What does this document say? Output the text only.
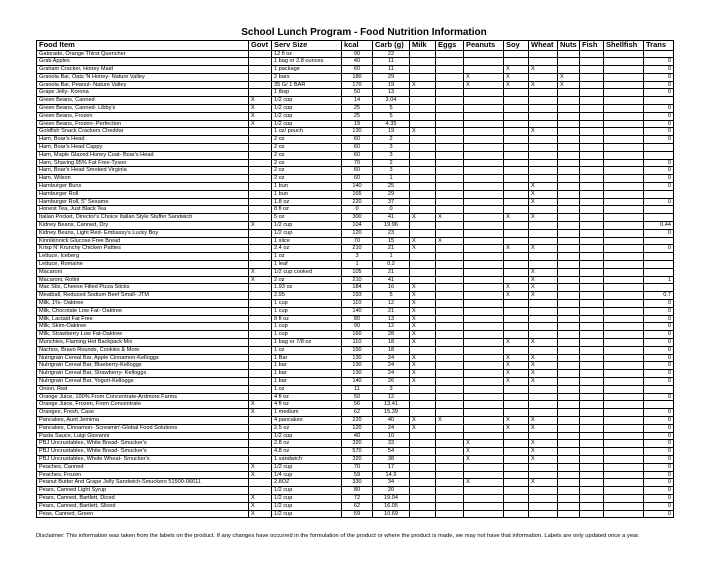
School Lunch Program - Food Nutrition Information
Food Item	Govt	Serv Size	kcal	Carb (g)	Milk	Eggs	Peanuts	Soy	Wheat	Nuts	Fish	Shellfish	Trans
Gatorade, Orange Thirst Quencher		12 fl oz	90	22									
Grab Apples		1 bag or 2.8 ounces	40	11									0
Graham Cracker, Honey Maid		1 package	60	11				X	X				0
Granola Bar, Oats 'N Honey- Nature Valley		2 bars	180	29			X	X		X			0
Granola Bar, Peanut- Nature Valley		35 G/ 1 BAR	170	19	X		X	X	X	X			0
Grape Jelly- Korona		1 tbsp	50	13									0
Green Beans, Canned	X	1/2 cup	14	3.04									
Green Beans, Canned- Libby's	X	1/2 cup	25	5									0
Green Beans, Frozen	X	1/2 cup	25	5									0
Green Beans, Frozen- Perfection	X	1/2 cup	19	4.35									0
Goldfish Snack Crackers Cheddar		1 oz/ pouch	130	19	X				X				0
Ham, Boar's Head		2 oz	60	2									0
Ham, Boar's Head Cappy		2 oz	60	3									
Ham, Maple Glazed Honey Coat- Boar's Head		2 oz	60	3									
Ham, Shaving 95% Fat Free-Tyson		2 oz	70	2									0
Ham, Boar's Head Smoked Virginia		2 oz	60	3									0
Ham, Wilson		2 oz	60	1									0
Hamburger Buns		1 bun	140	25					X				0
Hamburger Roll		1 bun	165	29					X				
Hamburger Roll, 5" Sesame		1.8 oz	220	37					X				0
Honest Tea, Just Black Tea		8 fl oz	0	0									
Italian Pocket, Director's Choice Italian Style Stuffer Sandwich		5 oz	300	41	X	X		X	X				
Kidney Beans, Canned, Dry	X	1/2 cup	104	19.96									0.44
Kidney Beans, Light Red- Embassy's Lucky Boy		1/2 cup	120	23									0
Kinnikinnick Glucose Free Bread		1 slice	70	15	X	X							
Krisp N' Krunchy Chicken Patties		2.4 oz	210	21	X			X	X				0
Lettuce, Iceberg		1 oz	3	1									
Lettuce, Romaine		1 leaf	1	0.2									
Macaroni	X	1/2 cup cooked	105	21					X				
Macaroni, Rotini	X	2 oz	210	41					X				1
Mac Stix, Cheese Filled Pizza Sticks		1.93 oz	184	16	X			X	X				
Meatball, Reduced Sodium Beef Small- JTM		2.95	193	5	X			X	X				0.7
Milk, 1%- Oaktree		1 cup	110	12	X								0
Milk, Chocolate Low Fat- Oaktree		1 cup	140	21	X								0
Milk, Lactaid Fat Free		8 fl oz	80	13	X								0
Milk, Skim-Oaktree		1 cup	90	12	X								0
Milk, Strawberry Low Fat-Oaktree		1 cup	160	28	X								0
Munchies, Flaming Hot Backpack Mix		1 bag or 7/8 oz	110	18	X			X	X				0
Nachos, Bravo Rounds, Cookies & More		1 oz	150	18									0
Nutrigrain Cereal Bar, Apple Cinnamon-Kelloggs		1 Bar	130	24	X			X	X				0
Nutrigrain Cereal Bar, Blueberry-Kelloggs		1 bar	130	24	X			X	X				0
Nutrigrain Cereal Bar, Strawberry- Kelloggs		1 bar	130	24	X			X	X				0
Nutrigrain Cereal Bar, Yogurt-Kelloggs		1 bar	140	26	X			X	X				0
Onion, Red		1 oz	11	3									
Orange Juice, 100% From Concentrate-Ardmore Farms		4 fl oz	50	12									0
Orange Juice, Frozen, From Concentrate	X	4 fl oz	56	13.41									
Oranges, Fresh, Case	X	1 medium	62	15.39									0
Pancakes, Aunt Jemima		4 pancakes	220	40	X	X		X	X				0
Pancakes, Cinnamon- Screamin'-Global Food Solutions		2.5 oz	120	24	X			X	X				0
Pasta Sauce, Luigi Giovanni		1/2 cup	40	10									0
PBJ Uncrustables, White Bread- Smucker's		2.8 oz	320	33			X		X				0
PBJ Uncrustables, White Bread- Smucker's		4.8 oz	570	54			X		X				0
PBJ Uncrustables, Whole Wheat- Smucker's		1 sandwich	320	38			X		X				0
Peaches, Canned	X	1/2 cup	70	17									0
Peaches, Frozen	X	1/4 cup	59	14.9									0
Peanut Butter And Grape Jelly Sandwich-Smuckers 51500-06611		2.8OZ	330	34			X		X				0
Pears, Canned Light Syrup		1/2 cup	80	20									0
Pears, Canned, Bartlett, Diced	X	1/2 cup	72	19.04									0
Pears, Canned, Bartlett, Sliced	X	1/2 cup	62	16.05									0
Peas, Canned, Green	X	1/2 cup	59	10.69									0
Disclaimer: This information was taken from the labels on the product. If any changes have occurred in the formulation of the product or where the product is made, we may not have that information. Labels are only updated once a year.
